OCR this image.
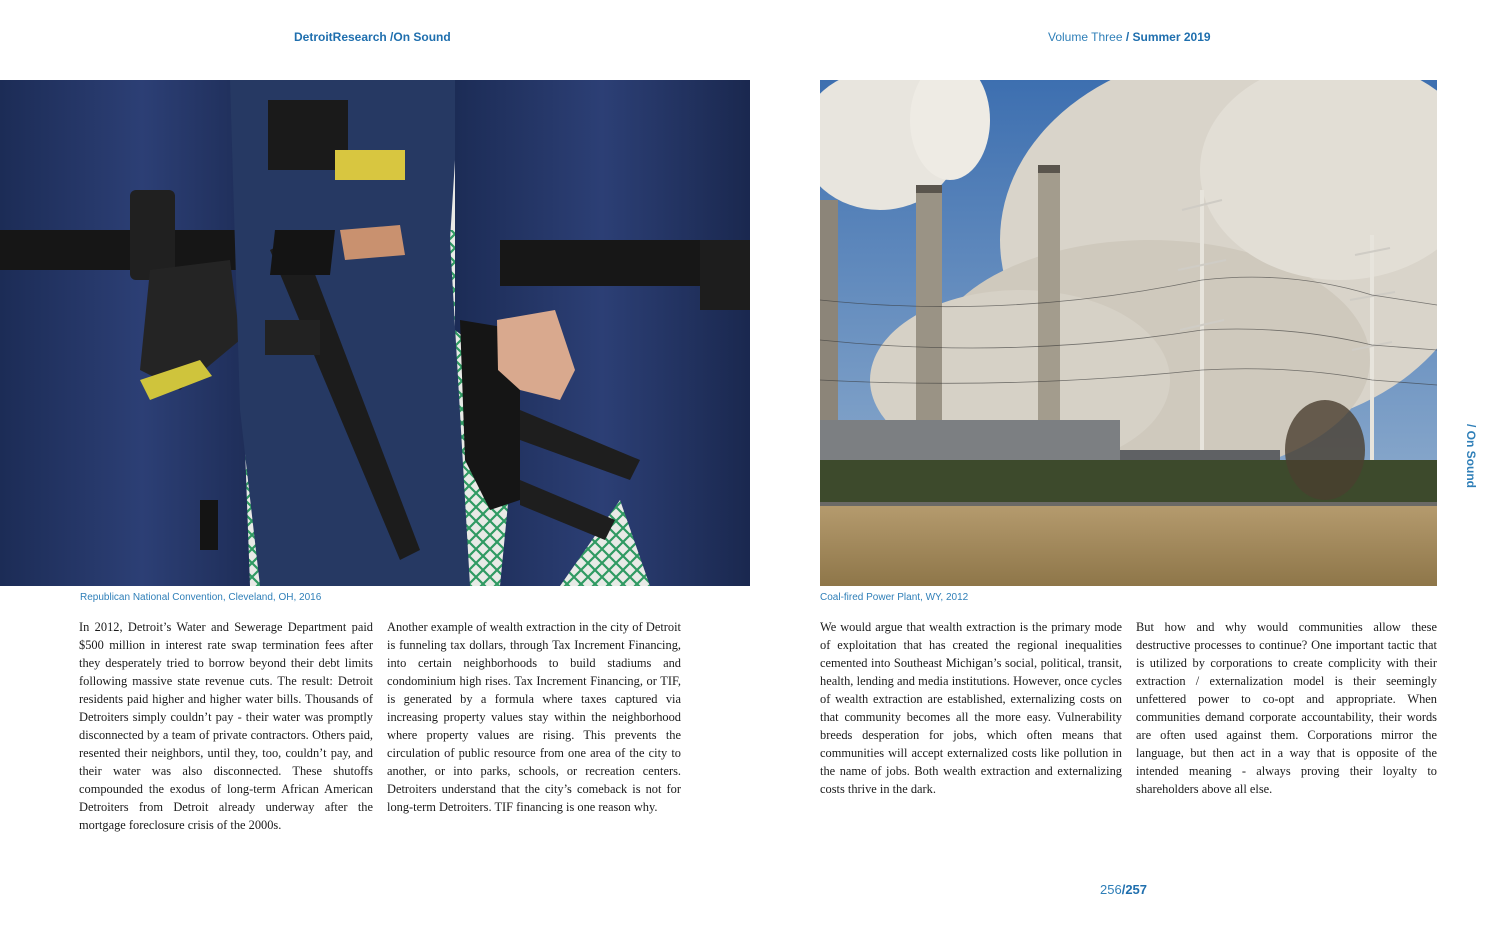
DetroitResearch /On Sound	Volume Three / Summer 2019
Republican National Convention, Cleveland, OH, 2016	Coal-fired Power Plant, WY, 2012

In 2012, Detroit’s Water and Sewerage Department paid $500 million in interest rate swap termination fees after they desperately tried to borrow beyond their debt limits following massive state revenue cuts. The result: Detroit residents paid higher and higher water bills. Thousands of Detroiters simply couldn’t pay - their water was promptly disconnected by a team of private contractors. Others paid, resented their neighbors, until they, too, couldn’t pay, and their water was also disconnected. These shutoffs compounded the exodus of long-term African American Detroiters from Detroit already underway after the mortgage foreclosure crisis of the 2000s.

Another example of wealth extraction in the city of Detroit is funneling tax dollars, through Tax Increment Financing, into certain neighborhoods to build stadiums and condominium high rises. Tax Increment Financing, or TIF, is generated by a formula where taxes captured via increasing property values stay within the neighborhood where property values are rising. This prevents the circulation of public resource from one area of the city to another, or into parks, schools, or recreation centers. Detroiters understand that the city’s comeback is not for long-term Detroiters. TIF financing is one reason why.

We would argue that wealth extraction is the primary mode of exploitation that has created the regional inequalities cemented into Southeast Michigan’s social, political, transit, health, lending and media institutions. However, once cycles of wealth extraction are established, externalizing costs on that community becomes all the more easy. Vulnerability breeds desperation for jobs, which often means that communities will accept externalized costs like pollution in the name of jobs. Both wealth extraction and externalizing costs thrive in the dark.

But how and why would communities allow these destructive processes to continue? One important tactic that is utilized by corporations to create complicity with their extraction / externalization model is their seemingly unfettered power to co-opt and appropriate. When communities demand corporate accountability, their words are often used against them. Corporations mirror the language, but then act in a way that is opposite of the intended meaning - always proving their loyalty to shareholders above all else.

/ On Sound
256/257
